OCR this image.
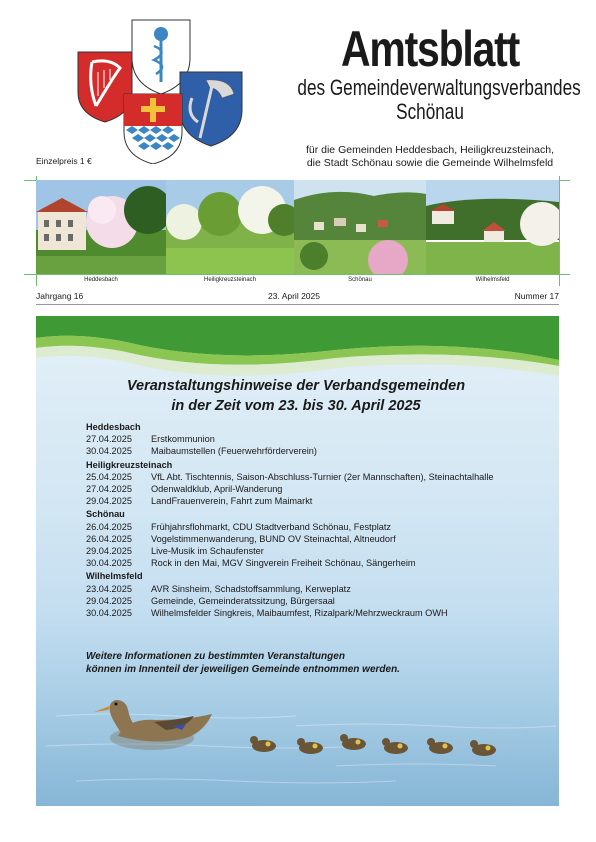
Amtsblatt
des Gemeindeverwaltungsverbandes
Schönau
für die Gemeinden Heddesbach, Heiligkreuzsteinach,
die Stadt Schönau sowie die Gemeinde Wilhelmsfeld
Einzelpreis 1 €
Heddesbach	Heiligkreuzsteinach	Schönau	Wilhelmsfeld
Jahrgang 16	23. April 2025	Nummer 17
Veranstaltungshinweise der Verbandsgemeinden
in der Zeit vom 23. bis 30. April 2025
Heddesbach
27.04.2025 Erstkommunion
30.04.2025 Maibaumstellen (Feuerwehrförderverein)
Heiligkreuzsteinach
25.04.2025 VfL Abt. Tischtennis, Saison-Abschluss-Turnier (2er Mannschaften), Steinachtalhalle
27.04.2025 Odenwaldklub, April-Wanderung
29.04.2025 LandFrauenverein, Fahrt zum Maimarkt
Schönau
26.04.2025 Frühjahrsflohmarkt, CDU Stadtverband Schönau, Festplatz
26.04.2025 Vogelstimmenwanderung, BUND OV Steinachtal, Altneudorf
29.04.2025 Live-Musik im Schaufenster
30.04.2025 Rock in den Mai, MGV Singverein Freiheit Schönau, Sängerheim
Wilhelmsfeld
23.04.2025 AVR Sinsheim, Schadstoffsammlung, Kerweplatz
29.04.2025 Gemeinde, Gemeinderatssitzung, Bürgersaal
30.04.2025 Wilhelmsfelder Singkreis, Maibaumfest, Rizalpark/Mehrzweckraum OWH
Weitere Informationen zu bestimmten Veranstaltungen
können im Innenteil der jeweiligen Gemeinde entnommen werden.
